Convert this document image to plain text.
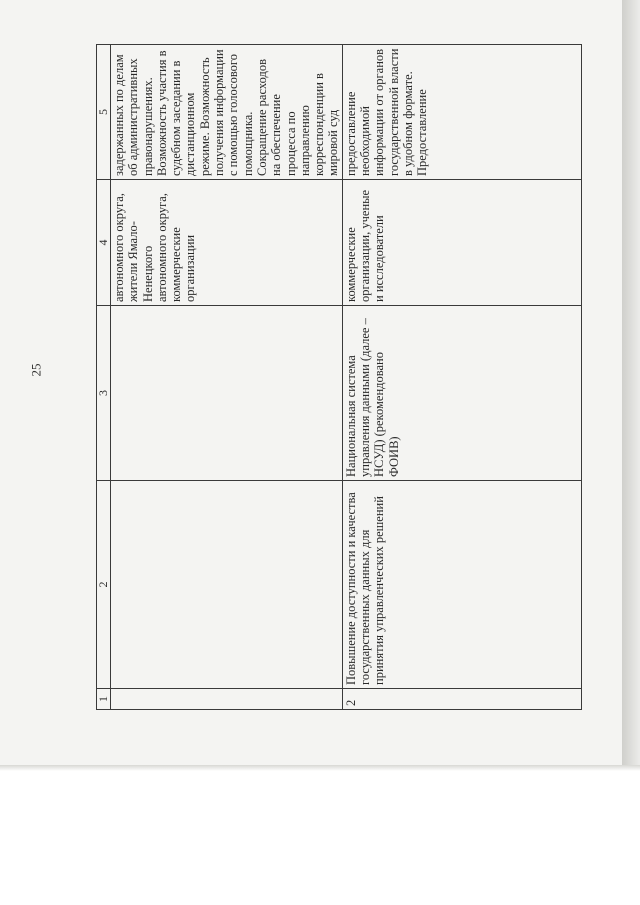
25
1	2	3	4	5
			автономного округа, жители Ямало-Ненецкого автономного округа, коммерческие организации	задержанных по делам об административных правонарушениях. Возможность участия в судебном заседании в дистанционном режиме. Возможность получения информации с помощью голосового помощника. Сокращение расходов на обеспечение процесса по направлению корреспонденции в мировой суд
2	Повышение доступности и качества государственных данных для принятия управленческих решений	Национальная система управления данными (далее – НСУД) (рекомендовано ФОИВ)	коммерческие организации, ученые и исследователи	предоставление необходимой информации от органов государственной власти в удобном формате. Предоставление
